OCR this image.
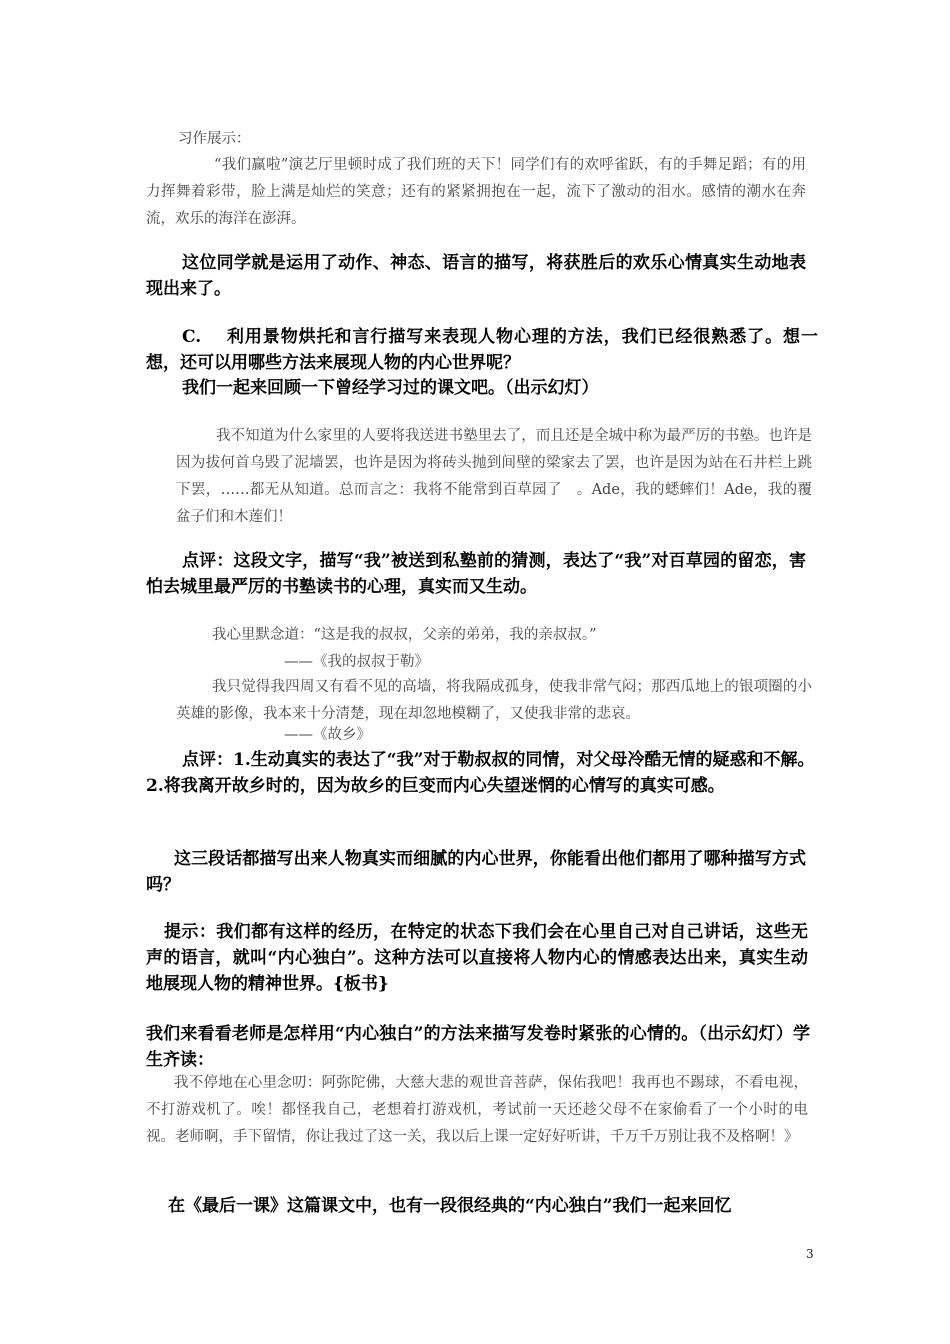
习作展示：

“我们赢啦”演艺厅里顿时成了我们班的天下！同学们有的欢呼雀跃，有的手舞足蹈；有的用力挥舞着彩带，脸上满是灿烂的笑意；还有的紧紧拥抱在一起，流下了激动的泪水。感情的潮水在奔流，欢乐的海洋在澎湃。

这位同学就是运用了动作、神态、语言的描写，将获胜后的欢乐心情真实生动地表现出来了。

C.　 利用景物烘托和言行描写来表现人物心理的方法，我们已经很熟悉了。想一想，还可以用哪些方法来展现人物的内心世界呢？

我们一起来回顾一下曾经学习过的课文吧。（出示幻灯）

我不知道为什么家里的人要将我送进书塾里去了，而且还是全城中称为最严厉的书塾。也许是因为拔何首乌毁了泥墙罢，也许是因为将砖头抛到间壁的梁家去了罢，也许是因为站在石井栏上跳下罢，……都无从知道。总而言之：我将不能常到百草园了　。Ade，我的蟋蟀们！Ade，我的覆盆子们和木莲们！

点评：这段文字，描写“我”被送到私塾前的猜测，表达了“我”对百草园的留恋，害怕去城里最严厉的书塾读书的心理，真实而又生动。

我心里默念道：“这是我的叔叔，父亲的弟弟，我的亲叔叔。”

——《我的叔叔于勒》

我只觉得我四周又有看不见的高墙，将我隔成孤身，使我非常气闷；那西瓜地上的银项圈的小英雄的影像，我本来十分清楚，现在却忽地模糊了，又使我非常的悲哀。

——《故乡》

点评：1.生动真实的表达了“我”对于勒叔叔的同情，对父母冷酷无情的疑惑和不解。　2.将我离开故乡时的，因为故乡的巨变而内心失望迷惘的心情写的真实可感。

这三段话都描写出来人物真实而细腻的内心世界，你能看出他们都用了哪种描写方式吗？

提示：我们都有这样的经历，在特定的状态下我们会在心里自己对自己讲话，这些无声的语言，就叫“内心独白”。这种方法可以直接将人物内心的情感表达出来，真实生动地展现人物的精神世界。{板书}

我们来看看老师是怎样用“内心独白”的方法来描写发卷时紧张的心情的。（出示幻灯）学生齐读：

我不停地在心里念叨：阿弥陀佛，大慈大悲的观世音菩萨，保佑我吧！我再也不踢球，不看电视，不打游戏机了。唉！都怪我自己，老想着打游戏机，考试前一天还趁父母不在家偷看了一个小时的电视。老师啊，手下留情，你让我过了这一关，我以后上课一定好好听讲，千万千万别让我不及格啊！》

在《最后一课》这篇课文中，也有一段很经典的“内心独白”我们一起来回忆

3
